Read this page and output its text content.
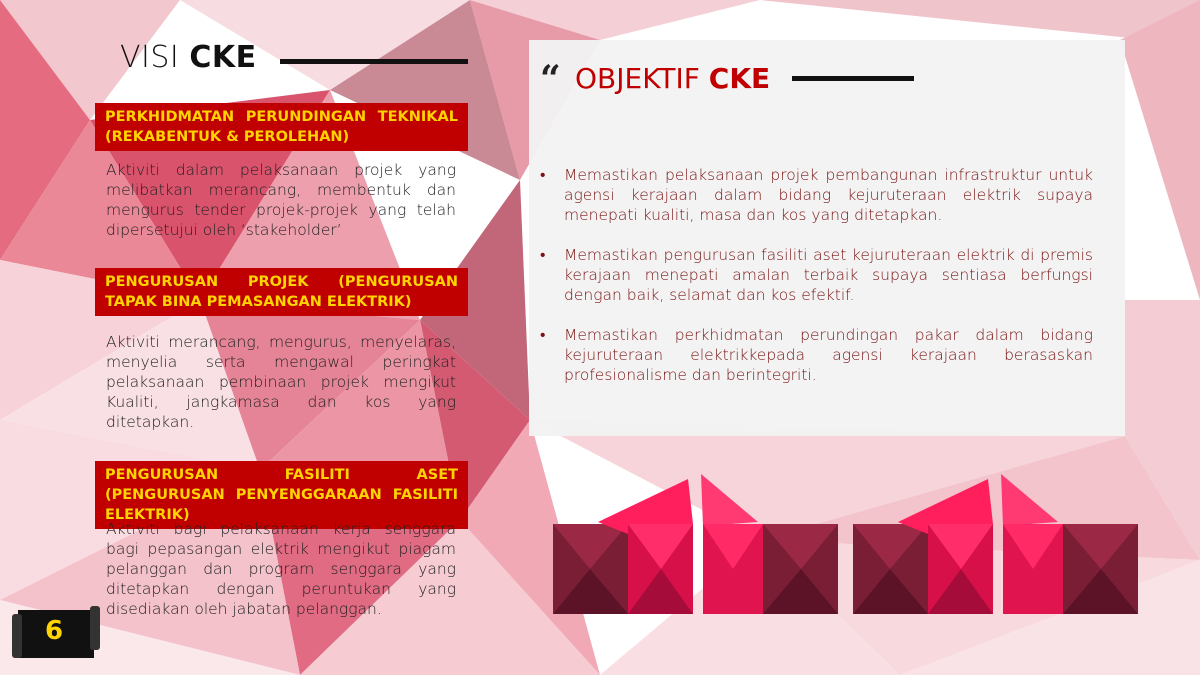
VISI CKE
PERKHIDMATAN PERUNDINGAN TEKNIKAL (REKABENTUK & PEROLEHAN)
Aktiviti dalam pelaksanaan projek yang melibatkan merancang, membentuk dan mengurus tender projek-projek yang telah dipersetujui oleh ‘stakeholder’
PENGURUSAN PROJEK (PENGURUSAN TAPAK BINA PEMASANGAN ELEKTRIK)
Aktiviti merancang, mengurus, menyelaras, menyelia serta mengawal peringkat pelaksanaan pembinaan projek mengikut Kualiti, jangkamasa dan kos yang ditetapkan.
PENGURUSAN FASILITI ASET (PENGURUSAN PENYENGGARAAN FASILITI ELEKTRIK)
Aktiviti bagi pelaksanaan kerja senggara bagi pepasangan elektrik mengikut piagam pelanggan dan program senggara yang ditetapkan dengan peruntukan yang disediakan oleh jabatan pelanggan.
“ OBJEKTIF CKE
• Memastikan pelaksanaan projek pembangunan infrastruktur untuk agensi kerajaan dalam bidang kejuruteraan elektrik supaya menepati kualiti, masa dan kos yang ditetapkan.
• Memastikan pengurusan fasiliti aset kejuruteraan elektrik di premis kerajaan menepati amalan terbaik supaya sentiasa berfungsi dengan baik, selamat dan kos efektif.
• Memastikan perkhidmatan perundingan pakar dalam bidang kejuruteraan elektrikkepada agensi kerajaan berasaskan profesionalisme dan berintegriti.
6
